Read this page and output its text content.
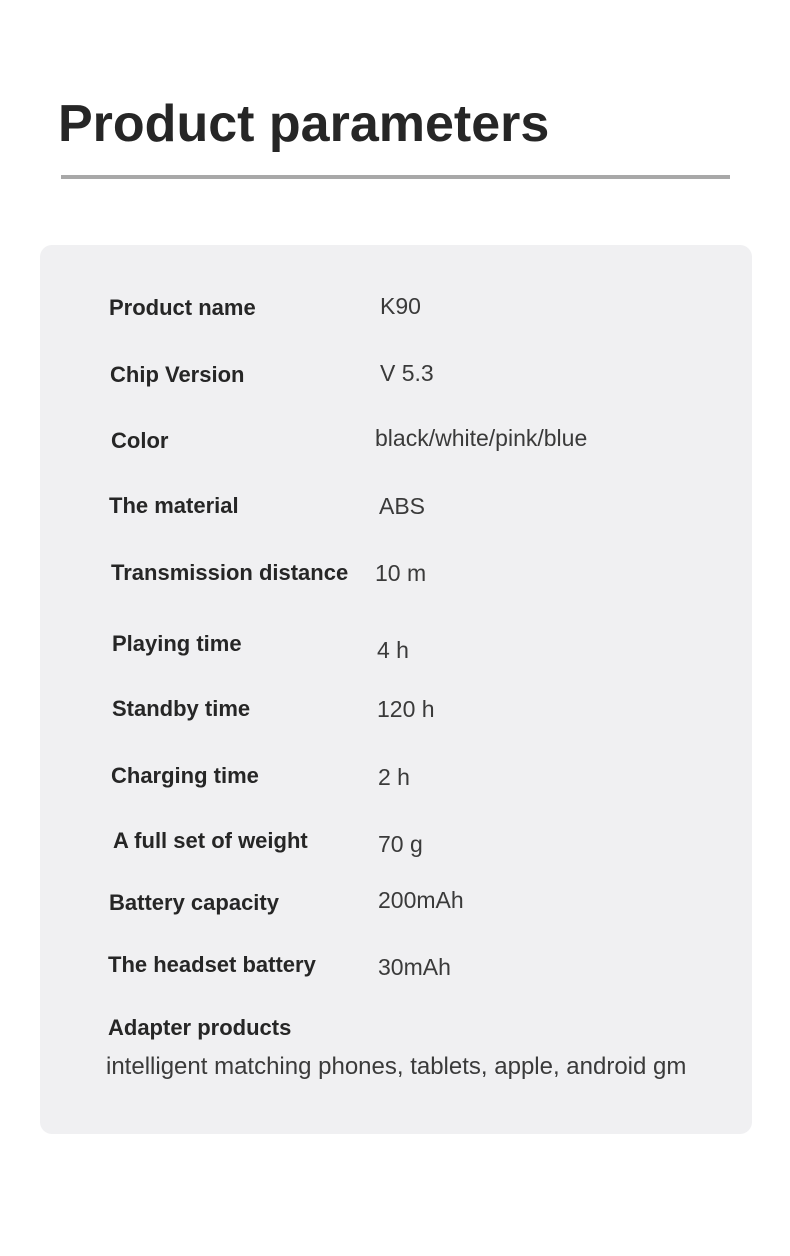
Product parameters
Product name	K90
Chip Version	V 5.3
Color	black/white/pink/blue
The material	ABS
Transmission distance 10 m
Playing time	4 h
Standby time	120 h
Charging time	2 h
A full set of weight	70 g
Battery capacity	200mAh
The headset battery	30mAh
Adapter products
intelligent matching phones, tablets, apple, android gm
